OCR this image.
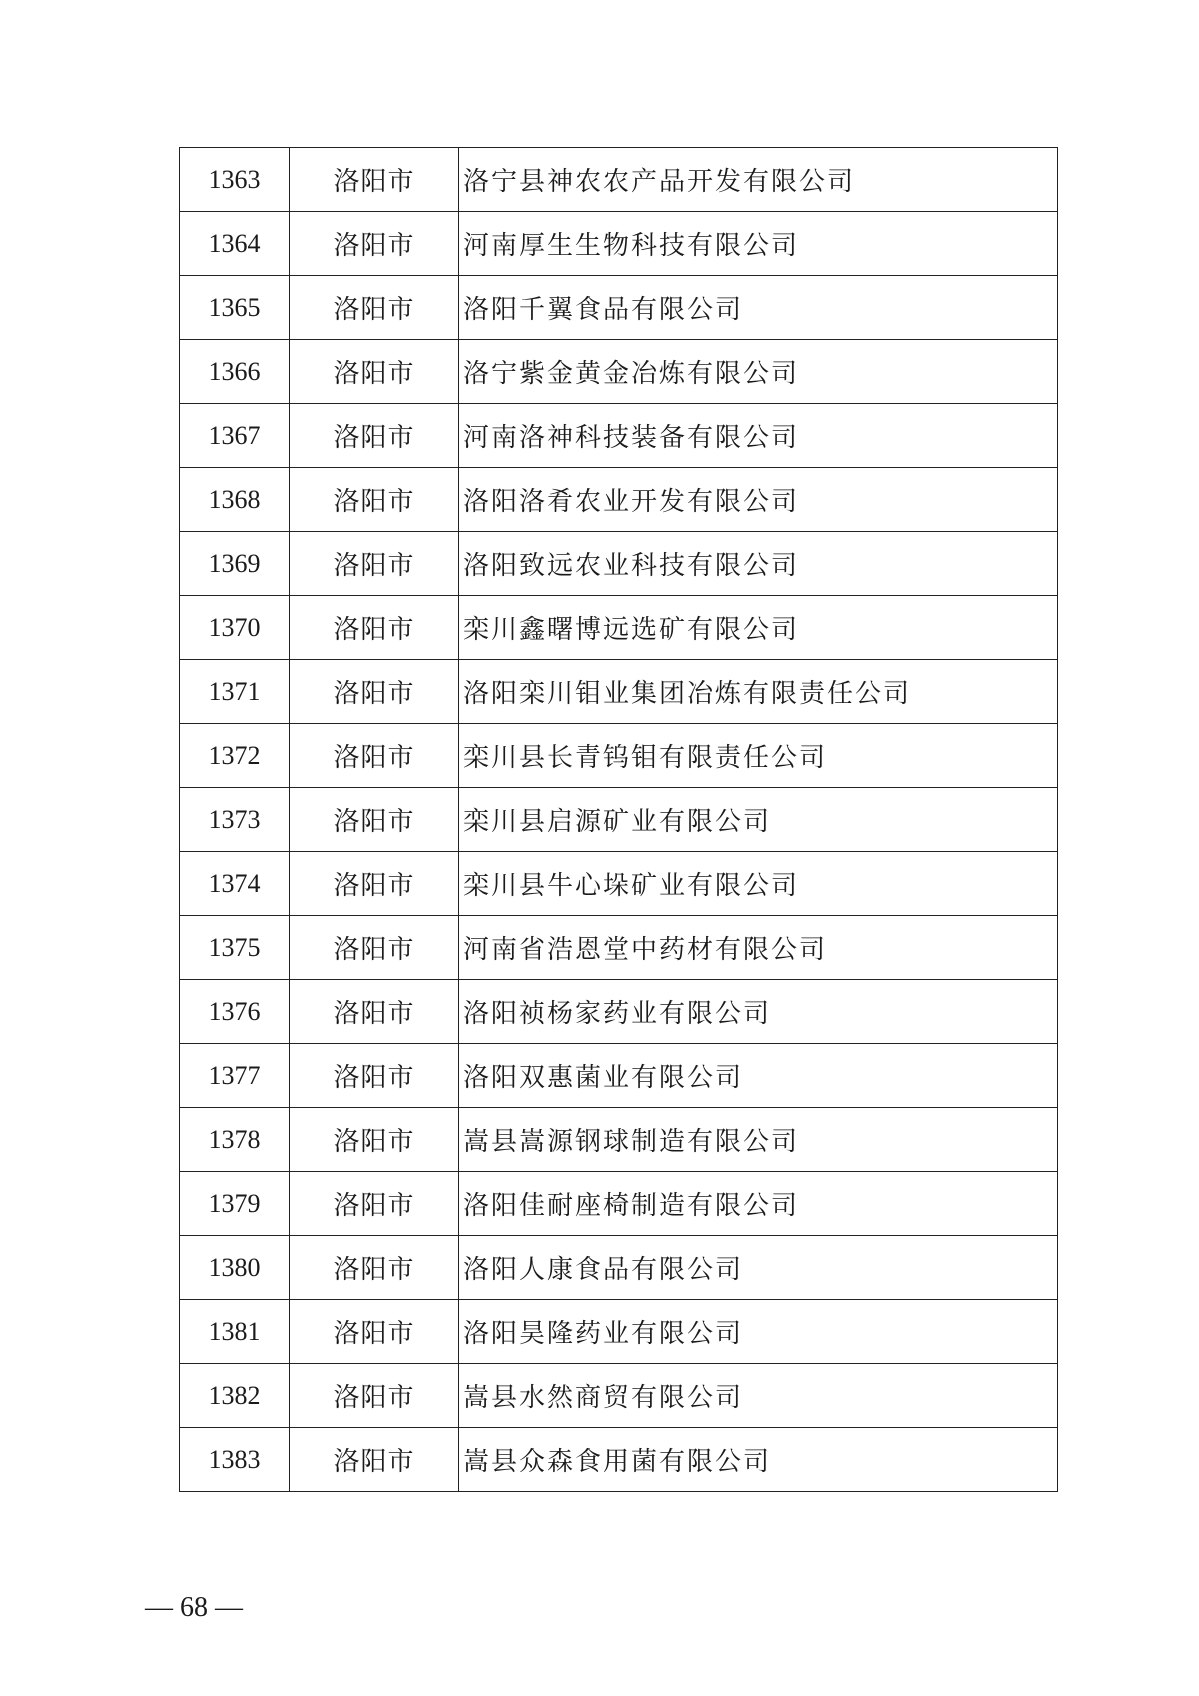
1363	洛阳市	洛宁县神农农产品开发有限公司
1364	洛阳市	河南厚生生物科技有限公司
1365	洛阳市	洛阳千翼食品有限公司
1366	洛阳市	洛宁紫金黄金冶炼有限公司
1367	洛阳市	河南洛神科技装备有限公司
1368	洛阳市	洛阳洛肴农业开发有限公司
1369	洛阳市	洛阳致远农业科技有限公司
1370	洛阳市	栾川鑫曙博远选矿有限公司
1371	洛阳市	洛阳栾川钼业集团冶炼有限责任公司
1372	洛阳市	栾川县长青钨钼有限责任公司
1373	洛阳市	栾川县启源矿业有限公司
1374	洛阳市	栾川县牛心垛矿业有限公司
1375	洛阳市	河南省浩恩堂中药材有限公司
1376	洛阳市	洛阳祯杨家药业有限公司
1377	洛阳市	洛阳双惠菌业有限公司
1378	洛阳市	嵩县嵩源钢球制造有限公司
1379	洛阳市	洛阳佳耐座椅制造有限公司
1380	洛阳市	洛阳人康食品有限公司
1381	洛阳市	洛阳昊隆药业有限公司
1382	洛阳市	嵩县水然商贸有限公司
1383	洛阳市	嵩县众森食用菌有限公司
— 68 —
